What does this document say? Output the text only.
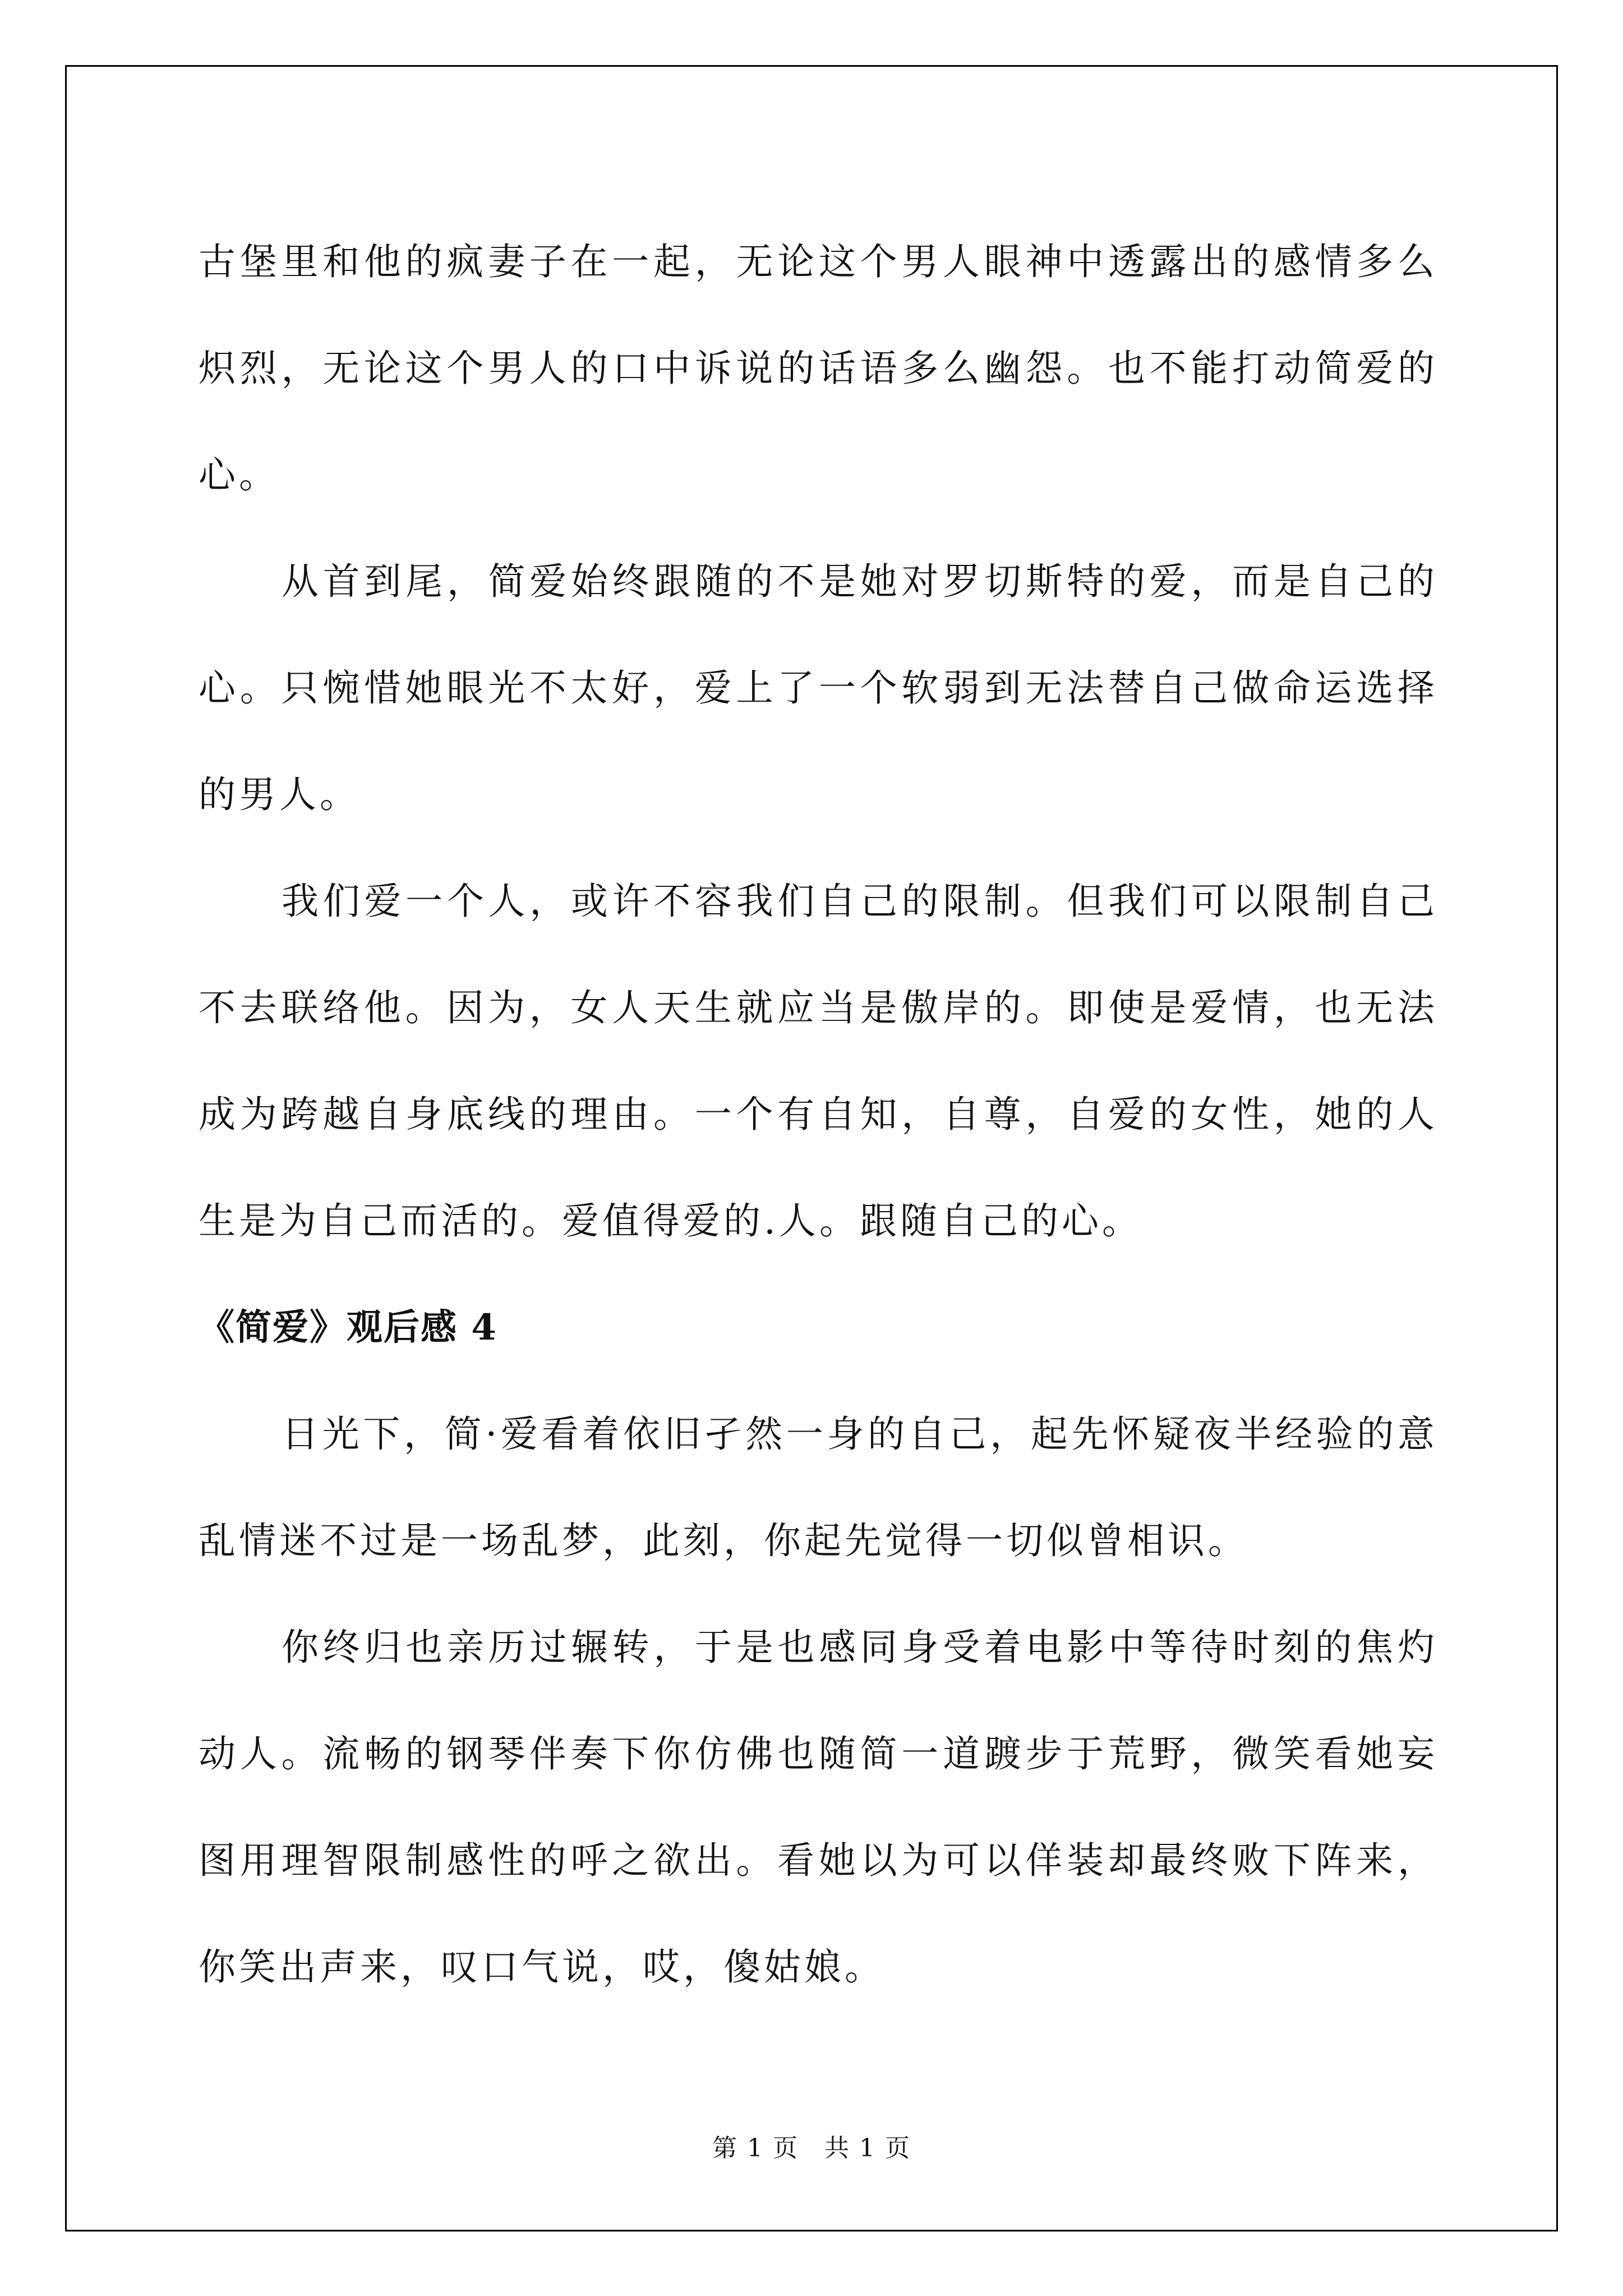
古堡里和他的疯妻子在一起，无论这个男人眼神中透露出的感情多么炽烈，无论这个男人的口中诉说的话语多么幽怨。也不能打动简爱的心。

从首到尾，简爱始终跟随的不是她对罗切斯特的爱，而是自己的心。只惋惜她眼光不太好，爱上了一个软弱到无法替自己做命运选择的男人。

我们爱一个人，或许不容我们自己的限制。但我们可以限制自己不去联络他。因为，女人天生就应当是傲岸的。即使是爱情，也无法成为跨越自身底线的理由。一个有自知，自尊，自爱的女性，她的人生是为自己而活的。爱值得爱的.人。跟随自己的心。

《简爱》观后感 4

日光下，简·爱看着依旧孑然一身的自己，起先怀疑夜半经验的意乱情迷不过是一场乱梦，此刻，你起先觉得一切似曾相识。

你终归也亲历过辗转，于是也感同身受着电影中等待时刻的焦灼动人。流畅的钢琴伴奏下你仿佛也随简一道踱步于荒野，微笑看她妄图用理智限制感性的呼之欲出。看她以为可以佯装却最终败下阵来，你笑出声来，叹口气说，哎，傻姑娘。

第 1 页 共 1 页
